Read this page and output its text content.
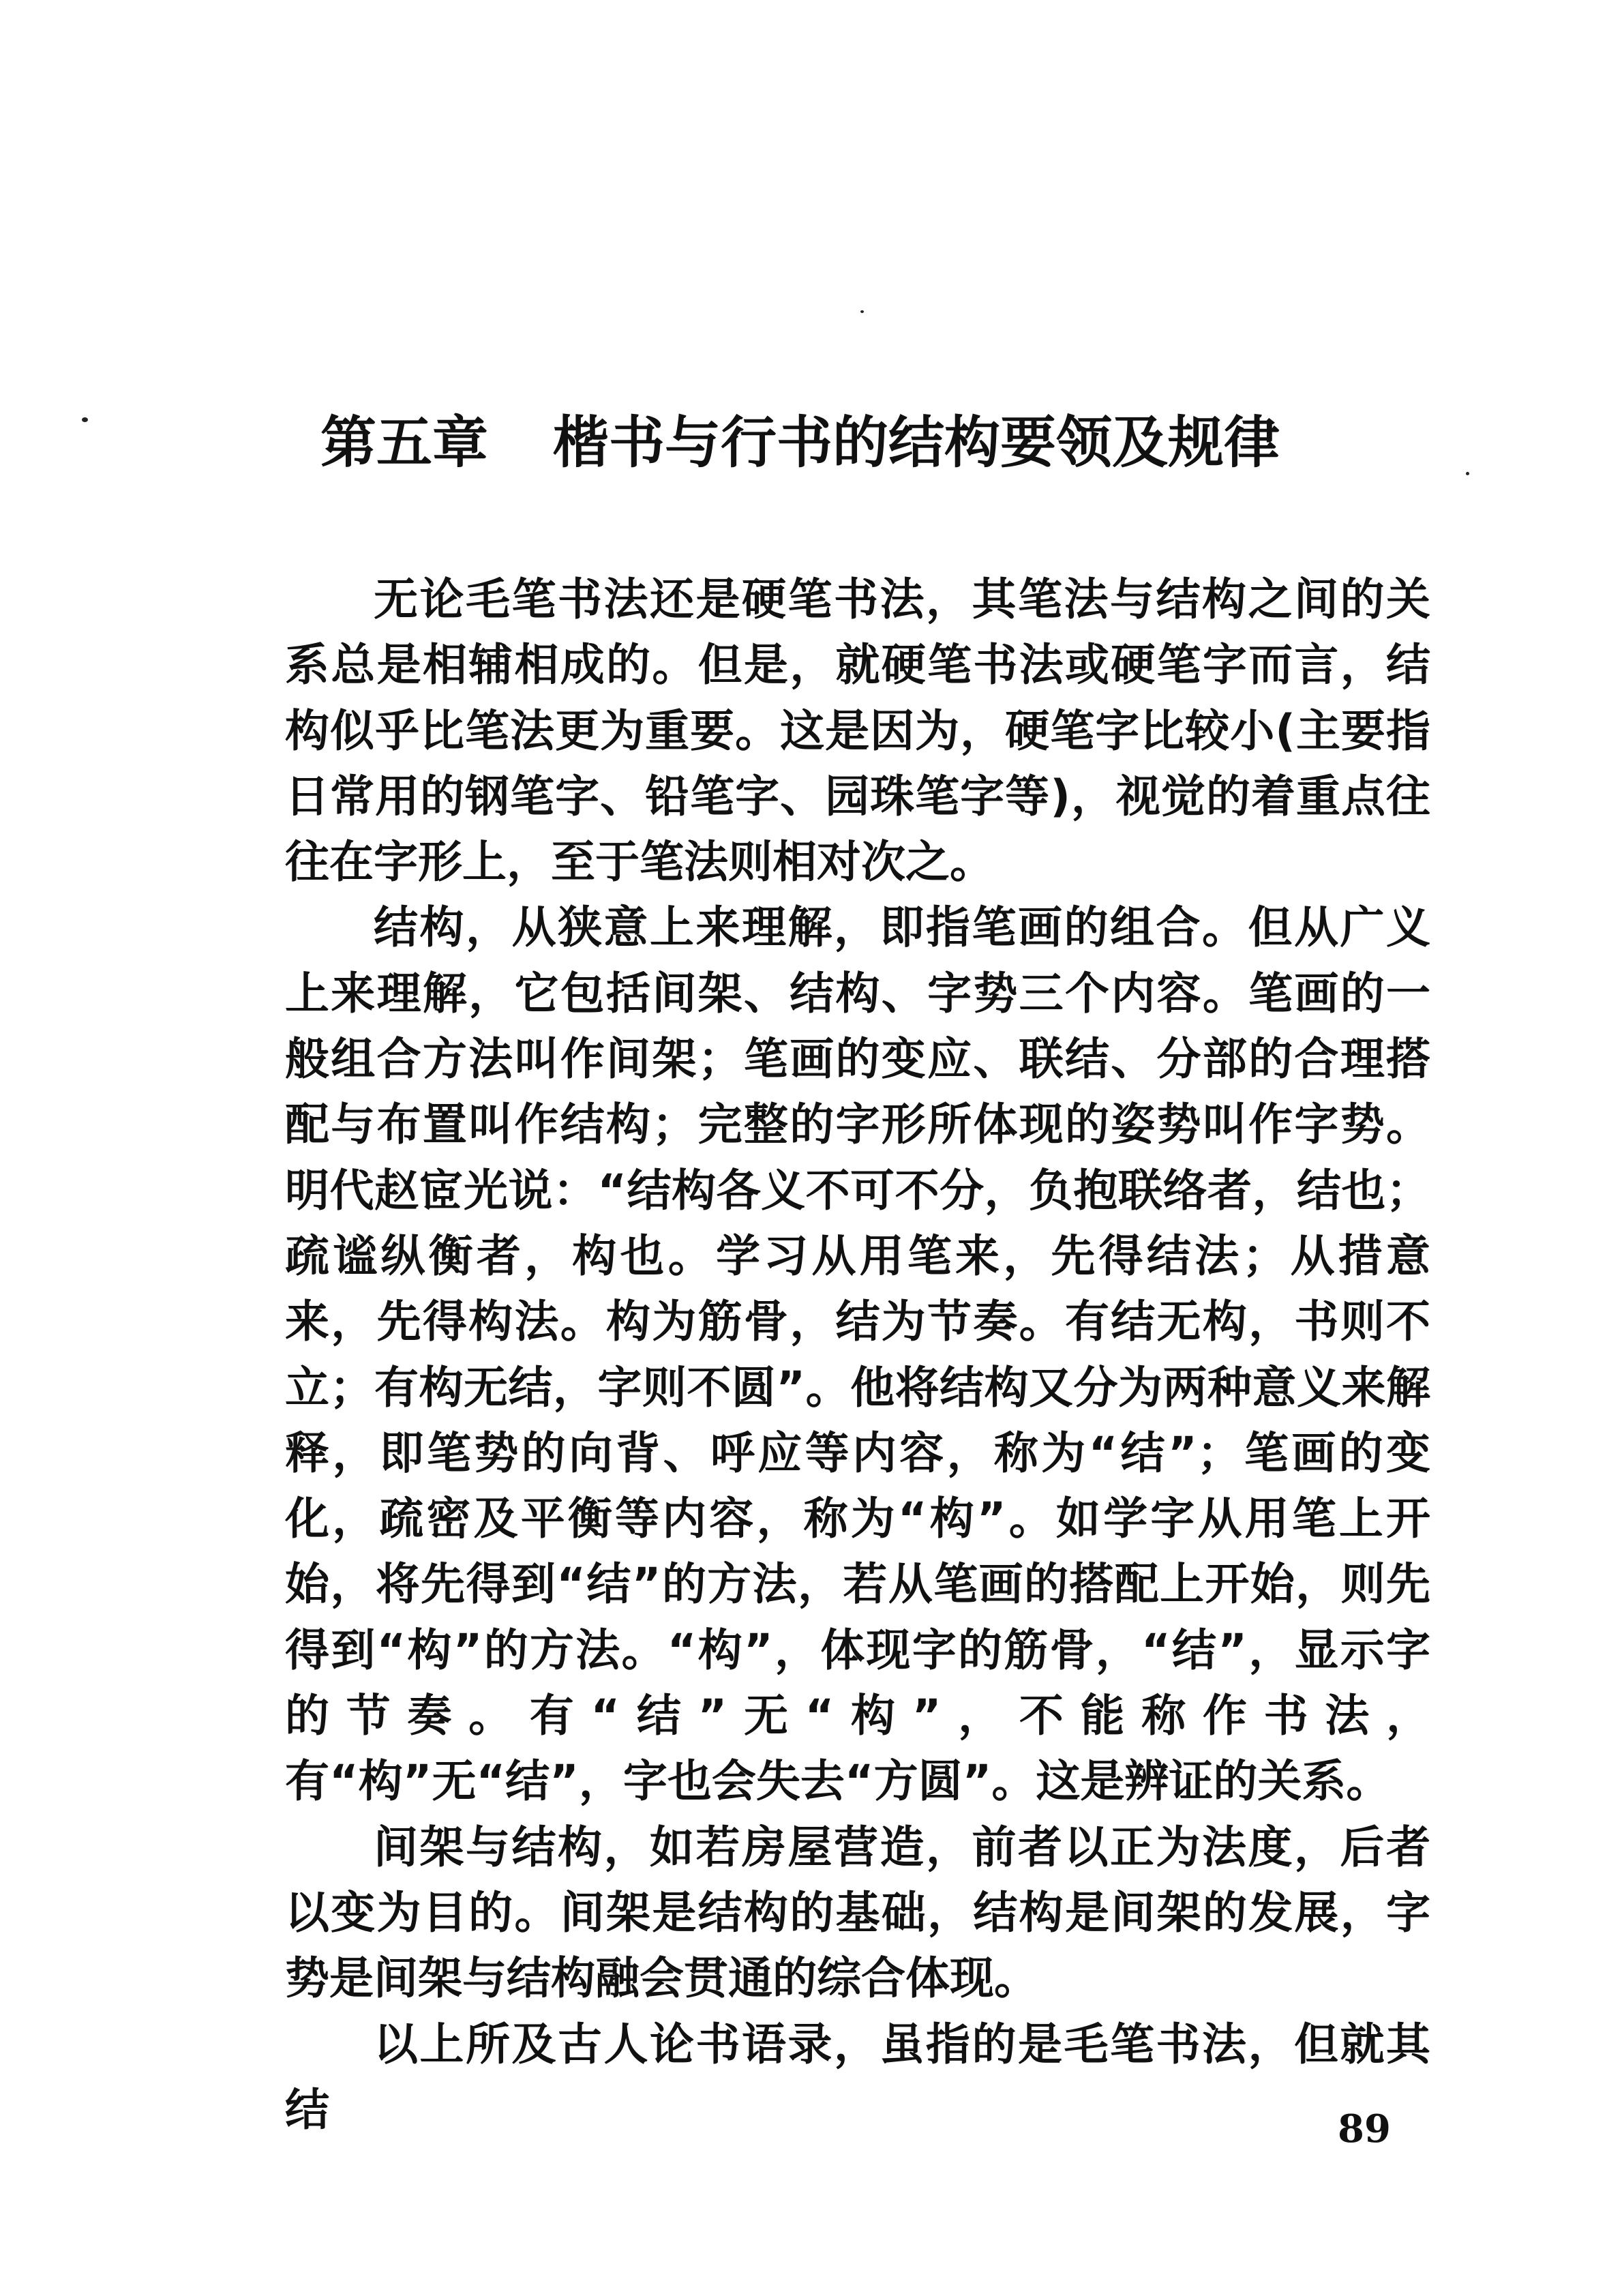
第五章 楷书与行书的结构要领及规律

无论毛笔书法还是硬笔书法，其笔法与结构之间的关系总是相辅相成的。但是，就硬笔书法或硬笔字而言，结构似乎比笔法更为重要。这是因为，硬笔字比较小(主要指日常用的钢笔字、铅笔字、园珠笔字等)，视觉的着重点往往在字形上，至于笔法则相对次之。

结构，从狭意上来理解，即指笔画的组合。但从广义上来理解，它包括间架、结构、字势三个内容。笔画的一般组合方法叫作间架；笔画的变应、联结、分部的合理搭配与布置叫作结构；完整的字形所体现的姿势叫作字势。明代赵宧光说：“结构各义不可不分，负抱联络者，结也；疏谧纵衡者，构也。学习从用笔来，先得结法；从措意来，先得构法。构为筋骨，结为节奏。有结无构，书则不立；有构无结，字则不圆”。他将结构又分为两种意义来解释，即笔势的向背、呼应等内容，称为“结”；笔画的变化，疏密及平衡等内容，称为“构”。如学字从用笔上开始，将先得到“结”的方法，若从笔画的搭配上开始，则先得到“构”的方法。“构”，体现字的筋骨，“结”，显示字的节奏。有“结”无“构”，不能称作书法，有“构”无“结”，字也会失去“方圆”。这是辨证的关系。

间架与结构，如若房屋营造，前者以正为法度，后者以变为目的。间架是结构的基础，结构是间架的发展，字势是间架与结构融会贯通的综合体现。

以上所及古人论书语录，虽指的是毛笔书法，但就其结	89
